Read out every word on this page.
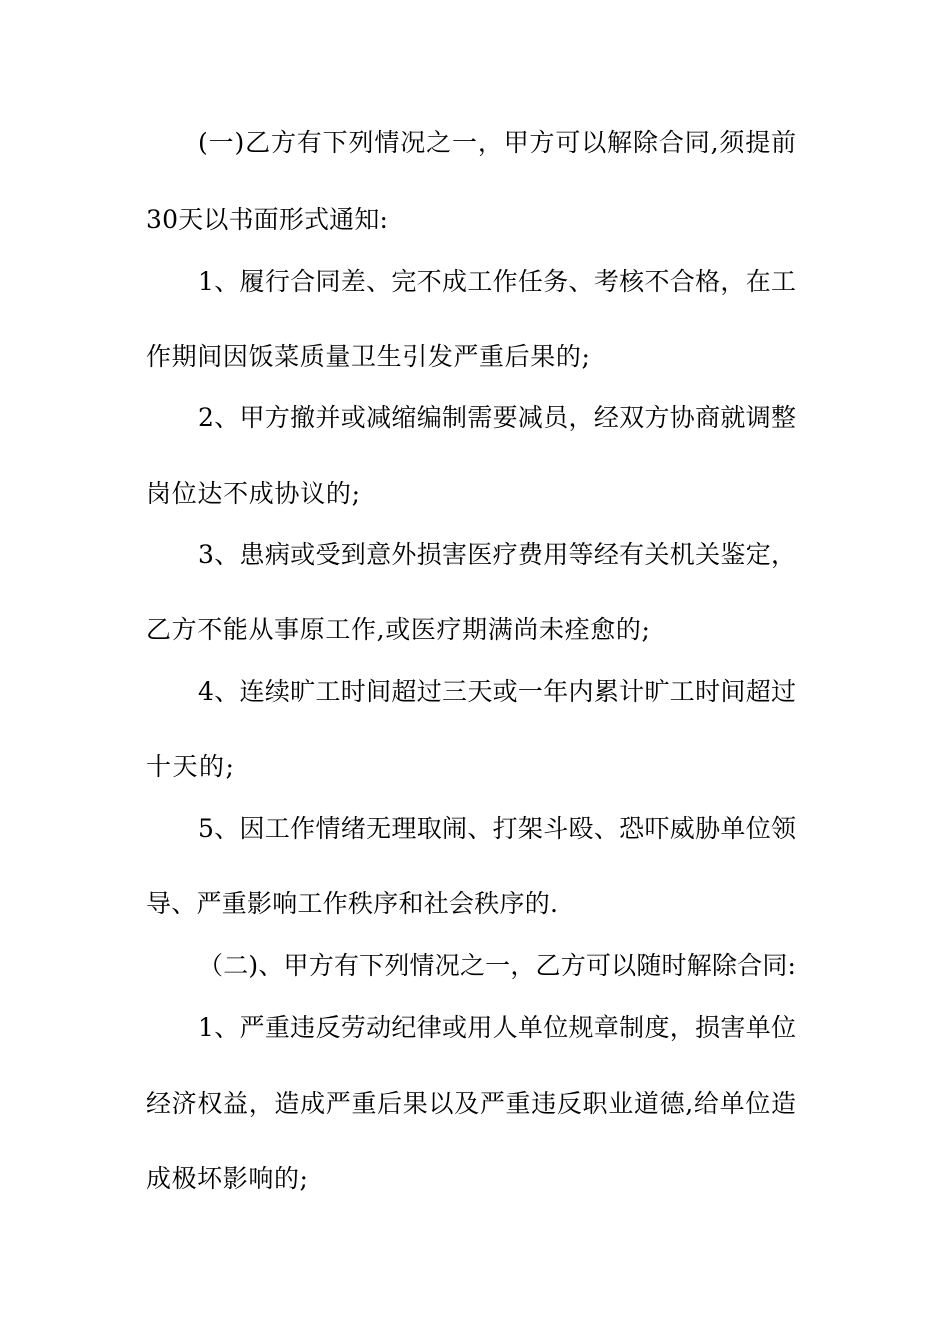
(一)乙方有下列情况之一，甲方可以解除合同,须提前
30天以书面形式通知:
1、履行合同差、完不成工作任务、考核不合格，在工
作期间因饭菜质量卫生引发严重后果的;
2、甲方撤并或减缩编制需要减员，经双方协商就调整
岗位达不成协议的;
3、患病或受到意外损害医疗费用等经有关机关鉴定，
乙方不能从事原工作,或医疗期满尚未痊愈的;
4、连续旷工时间超过三天或一年内累计旷工时间超过
十天的;
5、因工作情绪无理取闹、打架斗殴、恐吓威胁单位领
导、严重影响工作秩序和社会秩序的.
（二)、甲方有下列情况之一，乙方可以随时解除合同:
1、严重违反劳动纪律或用人单位规章制度，损害单位
经济权益，造成严重后果以及严重违反职业道德,给单位造
成极坏影响的;
